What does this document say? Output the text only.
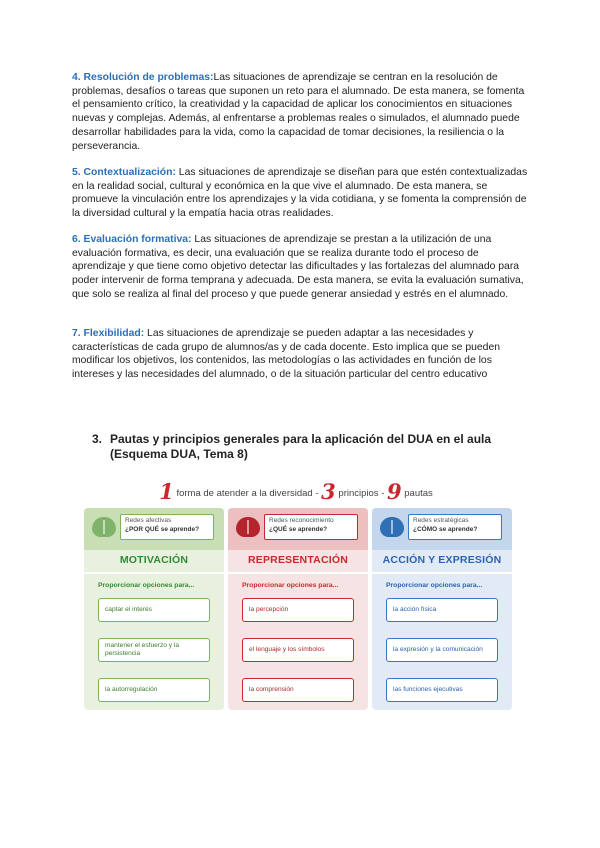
4. Resolución de problemas:Las situaciones de aprendizaje se centran en la resolución de problemas, desafíos o tareas que suponen un reto para el alumnado. De esta manera, se fomenta el pensamiento crítico, la creatividad y la capacidad de aplicar los conocimientos en situaciones nuevas y complejas. Además, al enfrentarse a problemas reales o simulados, el alumnado puede desarrollar habilidades para la vida, como la capacidad de tomar decisiones, la resiliencia o la perseverancia.
5. Contextualización: Las situaciones de aprendizaje se diseñan para que estén contextualizadas en la realidad social, cultural y económica en la que vive el alumnado. De esta manera, se promueve la vinculación entre los aprendizajes y la vida cotidiana, y se fomenta la comprensión de la diversidad cultural y la empatía hacia otras realidades.
6. Evaluación formativa: Las situaciones de aprendizaje se prestan a la utilización de una evaluación formativa, es decir, una evaluación que se realiza durante todo el proceso de aprendizaje y que tiene como objetivo detectar las dificultades y las fortalezas del alumnado para poder intervenir de forma temprana y adecuada. De esta manera, se evita la evaluación sumativa, que solo se realiza al final del proceso y que puede generar ansiedad y estrés en el alumnado.
7. Flexibilidad: Las situaciones de aprendizaje se pueden adaptar a las necesidades y características de cada grupo de alumnos/as y de cada docente. Esto implica que se pueden modificar los objetivos, los contenidos, las metodologías o las actividades en función de los intereses y las necesidades del alumnado, o de la situación particular del centro educativo
3. Pautas y principios generales para la aplicación del DUA en el aula (Esquema DUA, Tema 8)
1 forma de atender a la diversidad - 3 principios - 9 pautas
Redes afectivas
¿POR QUÉ se aprende?
MOTIVACIÓN
Proporcionar opciones para...
captar el interés
mantener el esfuerzo y la persistencia
la autorregulación
Redes reconocimiento
¿QUÉ se aprende?
REPRESENTACIÓN
Proporcionar opciones para...
la percepción
el lenguaje y los símbolos
la comprensión
Redes estratégicas
¿CÓMO se aprende?
ACCIÓN Y EXPRESIÓN
Proporcionar opciones para...
la acción física
la expresión y la comunicación
las funciones ejecutivas
